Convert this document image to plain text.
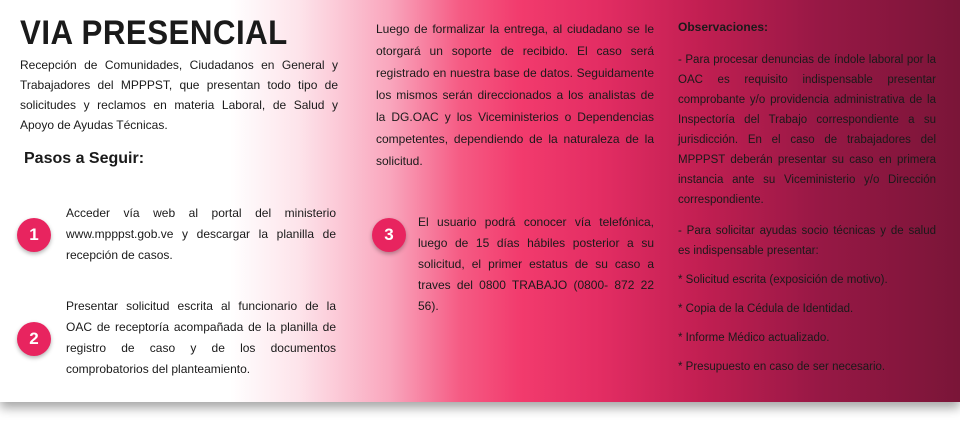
VIA PRESENCIAL
Recepción de Comunidades, Ciudadanos en General y Trabajadores del MPPPST, que presentan todo tipo de solicitudes y reclamos en materia Laboral, de Salud y Apoyo de Ayudas Técnicas.
Pasos a Seguir:
1
Acceder vía web al portal del ministerio www.mpppst.gob.ve y descargar la planilla de recepción de casos.
2
Presentar solicitud escrita al funcionario de la OAC de receptoría acompañada de la planilla de registro de caso y de los documentos comprobatorios del planteamiento.
Luego de formalizar la entrega, al ciudadano se le otorgará un soporte de recibido. El caso será registrado en nuestra base de datos. Seguidamente los mismos serán direccionados a los analistas de la DG.OAC y los Viceministerios o Dependencias competentes, dependiendo de la naturaleza de la solicitud.
3
El usuario podrá conocer vía telefónica, luego de 15 días hábiles posterior a su solicitud, el primer estatus de su caso a traves del 0800 TRABAJO (0800- 872 22 56).
Observaciones:

- Para procesar denuncias de índole laboral por la OAC es requisito indispensable presentar comprobante y/o providencia administrativa de la Inspectoría del Trabajo correspondiente a su jurisdicción. En el caso de trabajadores del MPPPST deberán presentar su caso en primera instancia ante su Viceministerio y/o Dirección correspondiente.

- Para solicitar ayudas socio técnicas y de salud es indispensable presentar:

* Solicitud escrita (exposición de motivo).

* Copia de la Cédula de Identidad.

* Informe Médico actualizado.

* Presupuesto en caso de ser necesario.
